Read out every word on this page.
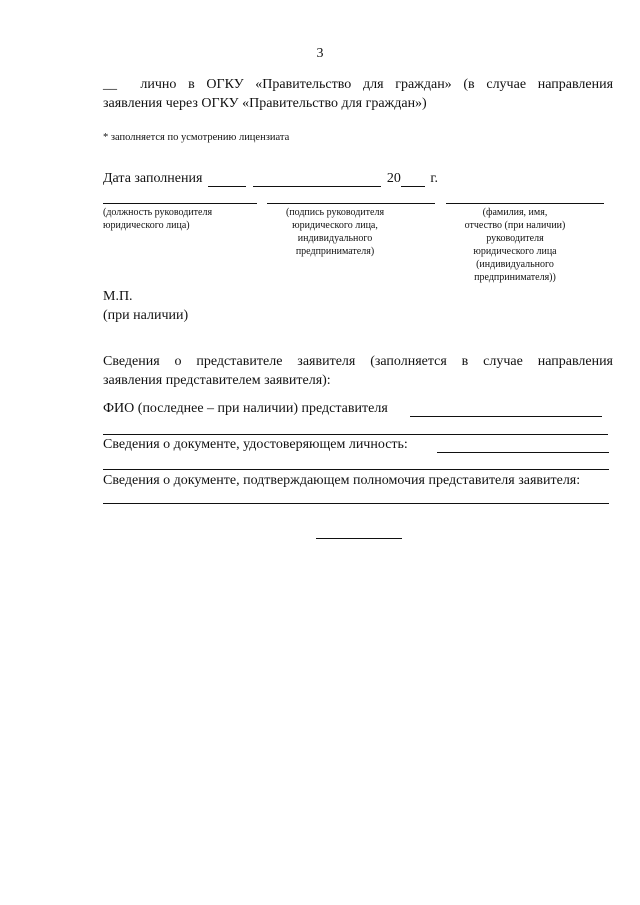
3
__ лично в ОГКУ «Правительство для граждан» (в случае направления
заявления через ОГКУ «Правительство для граждан»)
* заполняется по усмотрению лицензиата
Дата заполнения	20 г.
(должность руководителя
юридического лица)
(подпись руководителя
юридического лица,
индивидуального
предпринимателя)
(фамилия, имя,
отчество (при наличии)
руководителя
юридического лица
(индивидуального
предпринимателя))
М.П.
(при наличии)
Сведения о представителе заявителя (заполняется в случае направления
заявления представителем заявителя):
ФИО (последнее – при наличии) представителя
Сведения о документе, удостоверяющем личность:
Сведения о документе, подтверждающем полномочия представителя заявителя:
